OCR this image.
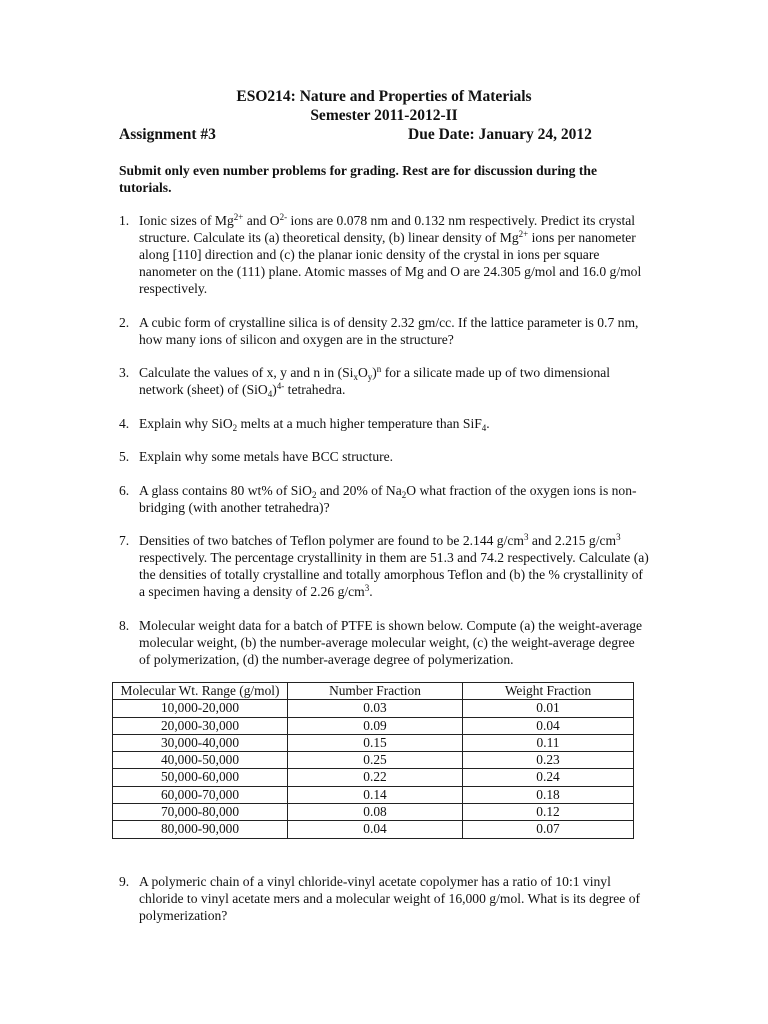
ESO214: Nature and Properties of Materials
Semester 2011-2012-II
Assignment #3	Due Date: January 24, 2012
Submit only even number problems for grading. Rest are for discussion during the tutorials.
1. Ionic sizes of $Mg^{2+}$ and $O^{2-}$ ions are 0.078 nm and 0.132 nm respectively. Predict its crystal structure. Calculate its (a) theoretical density, (b) linear density of $Mg^{2+}$ ions per nanometer along [110] direction and (c) the planar ionic density of the crystal in ions per square nanometer on the (111) plane. Atomic masses of Mg and O are 24.305 g/mol and 16.0 g/mol respectively.
2. A cubic form of crystalline silica is of density 2.32 gm/cc. If the lattice parameter is 0.7 nm, how many ions of silicon and oxygen are in the structure?
3. Calculate the values of x, y and n in $(Si_xO_y)^n$ for a silicate made up of two dimensional network (sheet) of $(SiO_4)^{4-}$ tetrahedra.
4. Explain why SiO$_2$ melts at a much higher temperature than SiF$_4$.
5. Explain why some metals have BCC structure.
6. A glass contains 80 wt% of SiO$_2$ and 20% of $Na_2O$ what fraction of the oxygen ions is non-bridging (with another tetrahedra)?
7. Densities of two batches of Teflon polymer are found to be 2.144 $g/cm^3$ and 2.215 $g/cm^3$ respectively. The percentage crystallinity in them are 51.3 and 74.2 respectively. Calculate (a) the densities of totally crystalline and totally amorphous Teflon and (b) the % crystallinity of a specimen having a density of 2.26 $g/cm^3$.
8. Molecular weight data for a batch of PTFE is shown below. Compute (a) the weight-average molecular weight, (b) the number-average molecular weight, (c) the weight-average degree of polymerization, (d) the number-average degree of polymerization.
Molecular Wt. Range (g/mol)	Number Fraction	Weight Fraction
10,000-20,000	0.03	0.01
20,000-30,000	0.09	0.04
30,000-40,000	0.15	0.11
40,000-50,000	0.25	0.23
50,000-60,000	0.22	0.24
60,000-70,000	0.14	0.18
70,000-80,000	0.08	0.12
80,000-90,000	0.04	0.07
9. A polymeric chain of a vinyl chloride-vinyl acetate copolymer has a ratio of 10:1 vinyl chloride to vinyl acetate mers and a molecular weight of 16,000 g/mol. What is its degree of polymerization?
